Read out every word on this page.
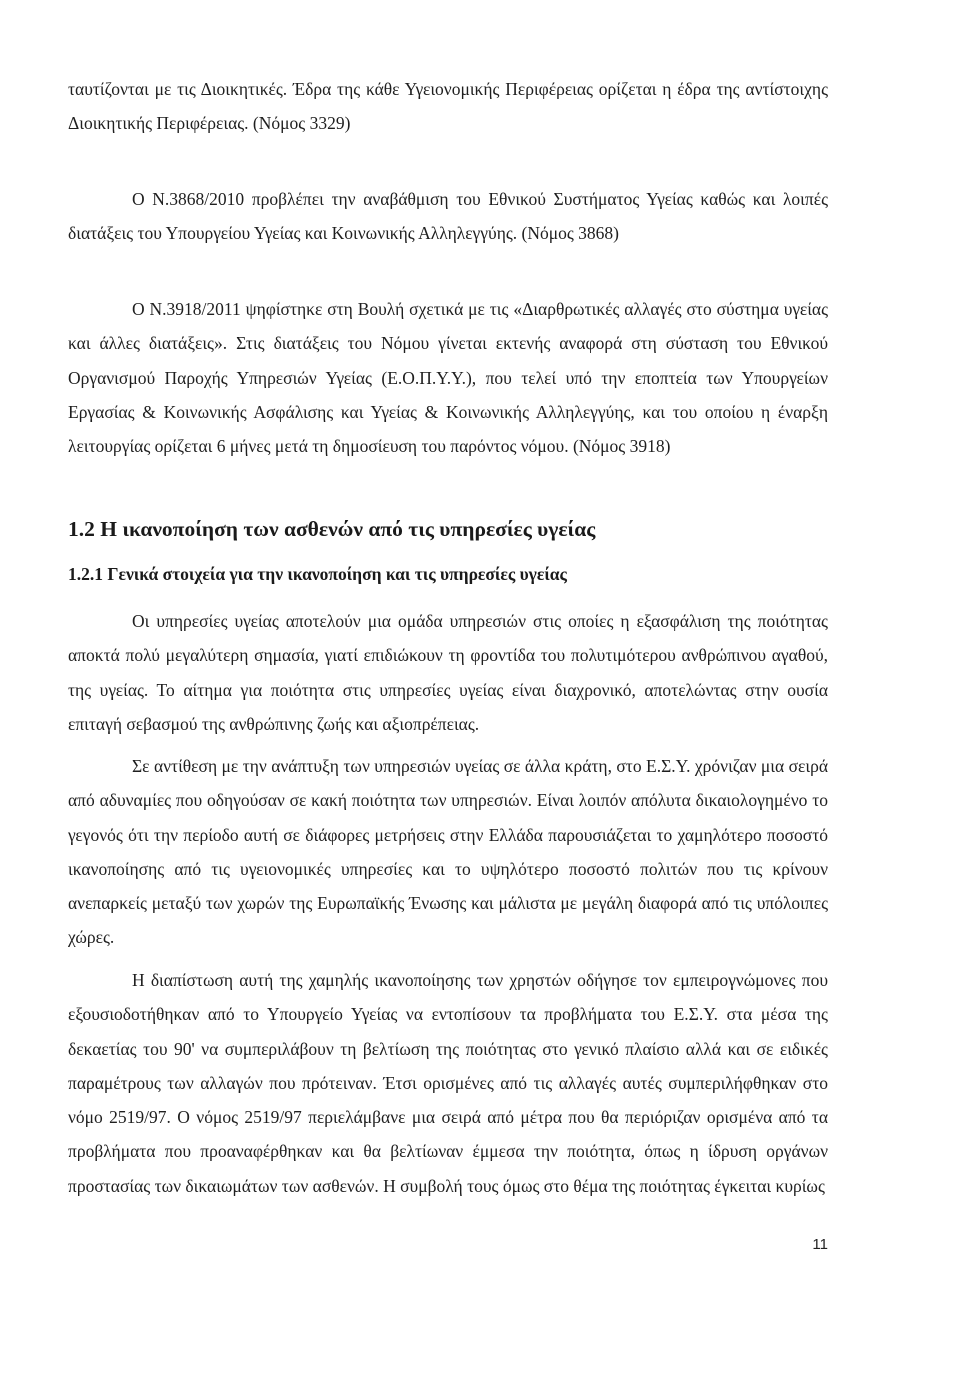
ταυτίζονται με τις Διοικητικές. Έδρα της κάθε Υγειονομικής Περιφέρειας ορίζεται η έδρα της αντίστοιχης Διοικητικής Περιφέρειας. (Νόμος 3329)

Ο Ν.3868/2010 προβλέπει την αναβάθμιση του Εθνικού Συστήματος Υγείας καθώς και λοιπές διατάξεις του Υπουργείου Υγείας και Κοινωνικής Αλληλεγγύης. (Νόμος 3868)

Ο Ν.3918/2011 ψηφίστηκε στη Βουλή σχετικά με τις «Διαρθρωτικές αλλαγές στο σύστημα υγείας και άλλες διατάξεις». Στις διατάξεις του Νόμου γίνεται εκτενής αναφορά στη σύσταση του Εθνικού Οργανισμού Παροχής Υπηρεσιών Υγείας (Ε.Ο.Π.Υ.Υ.), που τελεί υπό την εποπτεία των Υπουργείων Εργασίας & Κοινωνικής Ασφάλισης και Υγείας & Κοινωνικής Αλληλεγγύης, και του οποίου η έναρξη λειτουργίας ορίζεται 6 μήνες μετά τη δημοσίευση του παρόντος νόμου. (Νόμος 3918)

1.2 Η ικανοποίηση των ασθενών από τις υπηρεσίες υγείας
1.2.1 Γενικά στοιχεία για την ικανοποίηση και τις υπηρεσίες υγείας

Οι υπηρεσίες υγείας αποτελούν μια ομάδα υπηρεσιών στις οποίες η εξασφάλιση της ποιότητας αποκτά πολύ μεγαλύτερη σημασία, γιατί επιδιώκουν τη φροντίδα του πολυτιμότερου ανθρώπινου αγαθού, της υγείας. Το αίτημα για ποιότητα στις υπηρεσίες υγείας είναι διαχρονικό, αποτελώντας στην ουσία επιταγή σεβασμού της ανθρώπινης ζωής και αξιοπρέπειας.

Σε αντίθεση με την ανάπτυξη των υπηρεσιών υγείας σε άλλα κράτη, στο Ε.Σ.Υ. χρόνιζαν μια σειρά από αδυναμίες που οδηγούσαν σε κακή ποιότητα των υπηρεσιών. Είναι λοιπόν απόλυτα δικαιολογημένο το γεγονός ότι την περίοδο αυτή σε διάφορες μετρήσεις στην Ελλάδα παρουσιάζεται το χαμηλότερο ποσοστό ικανοποίησης από τις υγειονομικές υπηρεσίες και το υψηλότερο ποσοστό πολιτών που τις κρίνουν ανεπαρκείς μεταξύ των χωρών της Ευρωπαϊκής Ένωσης και μάλιστα με μεγάλη διαφορά από τις υπόλοιπες χώρες.

Η διαπίστωση αυτή της χαμηλής ικανοποίησης των χρηστών οδήγησε τον εμπειρογνώμονες που εξουσιοδοτήθηκαν από το Υπουργείο Υγείας να εντοπίσουν τα προβλήματα του Ε.Σ.Υ. στα μέσα της δεκαετίας του 90' να συμπεριλάβουν τη βελτίωση της ποιότητας στο γενικό πλαίσιο αλλά και σε ειδικές παραμέτρους των αλλαγών που πρότειναν. Έτσι ορισμένες από τις αλλαγές αυτές συμπεριλήφθηκαν στο νόμο 2519/97. Ο νόμος 2519/97 περιελάμβανε μια σειρά από μέτρα που θα περιόριζαν ορισμένα από τα προβλήματα που προαναφέρθηκαν και θα βελτίωναν έμμεσα την ποιότητα, όπως η ίδρυση οργάνων προστασίας των δικαιωμάτων των ασθενών. Η συμβολή τους όμως στο θέμα της ποιότητας έγκειται κυρίως

11
